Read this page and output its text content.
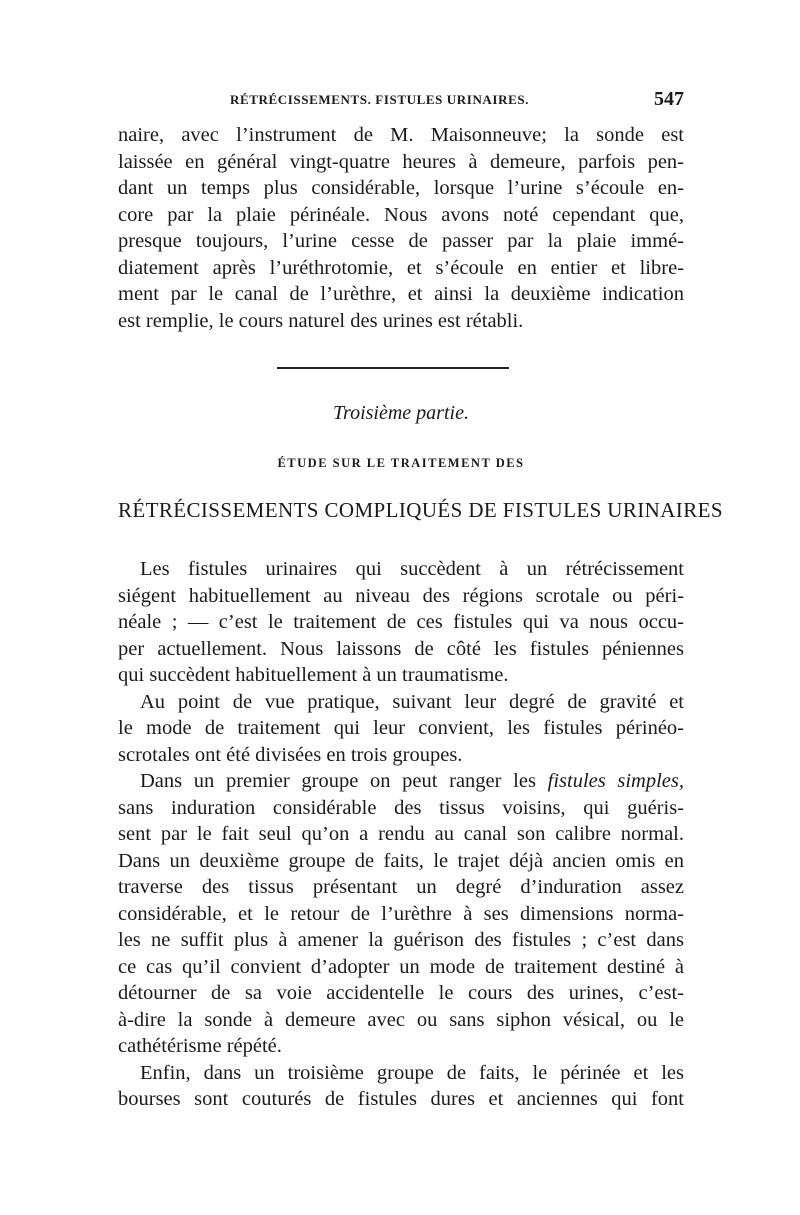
RÉTRÉCISSEMENTS. FISTULES URINAIRES.	547
naire, avec l’instrument de M. Maisonneuve; la sonde est
laissée en général vingt-quatre heures à demeure, parfois pen-
dant un temps plus considérable, lorsque l’urine s’écoule en-
core par la plaie périnéale. Nous avons noté cependant que,
presque toujours, l’urine cesse de passer par la plaie immé-
diatement après l’uréthrotomie, et s’écoule en entier et libre-
ment par le canal de l’urèthre, et ainsi la deuxième indication
est remplie, le cours naturel des urines est rétabli.
Troisième partie.
ÉTUDE SUR LE TRAITEMENT DES
RÉTRÉCISSEMENTS COMPLIQUÉS DE FISTULES URINAIRES
Les fistules urinaires qui succèdent à un rétrécissement
siégent habituellement au niveau des régions scrotale ou péri-
néale ; — c’est le traitement de ces fistules qui va nous occu-
per actuellement. Nous laissons de côté les fistules péniennes
qui succèdent habituellement à un traumatisme.
Au point de vue pratique, suivant leur degré de gravité et
le mode de traitement qui leur convient, les fistules périnéo-
scrotales ont été divisées en trois groupes.
Dans un premier groupe on peut ranger les fistules simples,
sans induration considérable des tissus voisins, qui guéris-
sent par le fait seul qu’on a rendu au canal son calibre normal.
Dans un deuxième groupe de faits, le trajet déjà ancien omis en
traverse des tissus présentant un degré d’induration assez
considérable, et le retour de l’urèthre à ses dimensions norma-
les ne suffit plus à amener la guérison des fistules ; c’est dans
ce cas qu’il convient d’adopter un mode de traitement destiné à
détourner de sa voie accidentelle le cours des urines, c’est-
à-dire la sonde à demeure avec ou sans siphon vésical, ou le
cathétérisme répété.
Enfin, dans un troisième groupe de faits, le périnée et les
bourses sont couturés de fistules dures et anciennes qui font
